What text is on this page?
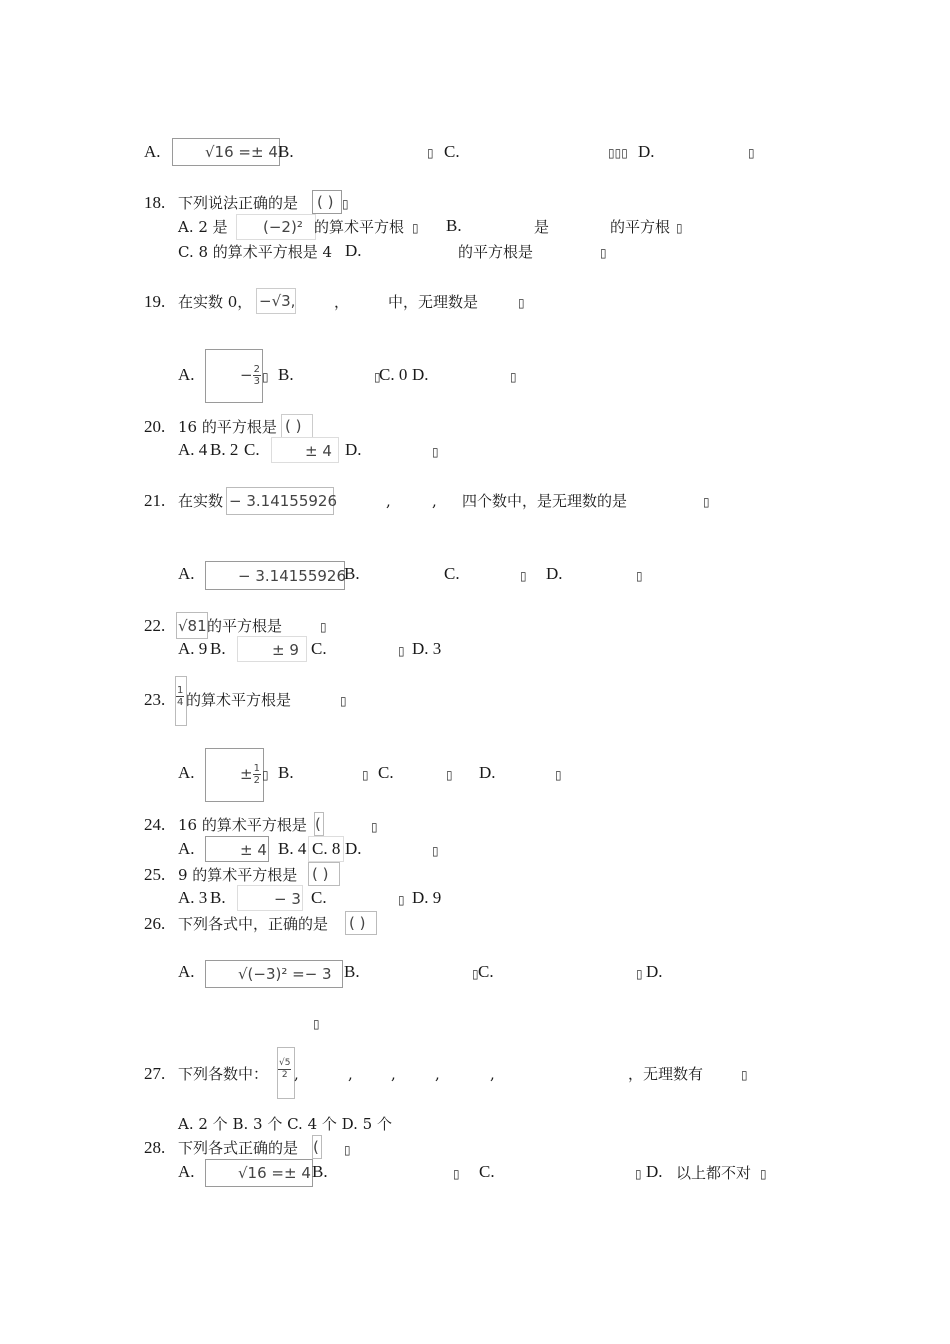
A.	√16 =± 4 B.	▯ C.	▯▯▯ D.	▯
18. 下列说法正确的是 ( ) ▯
A. 2 是 (−2)² 的算术平方根 ▯ B.	是	的平方根 ▯
C. 8 的算术平方根是 4 D.	的平方根是	▯
19. 在实数 0， −√3,	，	中，无理数是	▯
A.	− $\frac{2}{3}$ ▯ B.	▯
C. 0 D.	▯
20. 16 的平方根是 ( )
A. 4 B. 2 C.	± 4 D.	▯
21. 在实数 − 3.14155926	,	, 四个数中，是无理数的是	▯
A.	− 3.14155926
B.	C.	▯ D.	▯
22. √81 的平方根是	▯
A. 9 B.	± 9 C.	▯ D. 3
23. $\frac{1}{4}$ 的算术平方根是	▯
A.	± $\frac{1}{2}$ ▯ B.	▯ C.	▯ D.	▯
24. 16 的算术平方根是 (	▯
A.	± 4 B. 4 C. 8 D.	▯
25. 9 的算术平方根是 ( )
A. 3 B.	− 3 C.	▯ D. 9
26. 下列各式中，正确的是 ( )
A.	√(−3)² =− 3 B.	▯ C.	▯ D.
▯
27. 下列各数中： $\frac{√5}{2}$ ,	,	,	,	,	，无理数有	▯
A. 2 个 B. 3 个 C. 4 个 D. 5 个
28. 下列各式正确的是 ( ▯
A.	√16 =± 4 B.	▯ C.	▯ D. 以上都不对 ▯
